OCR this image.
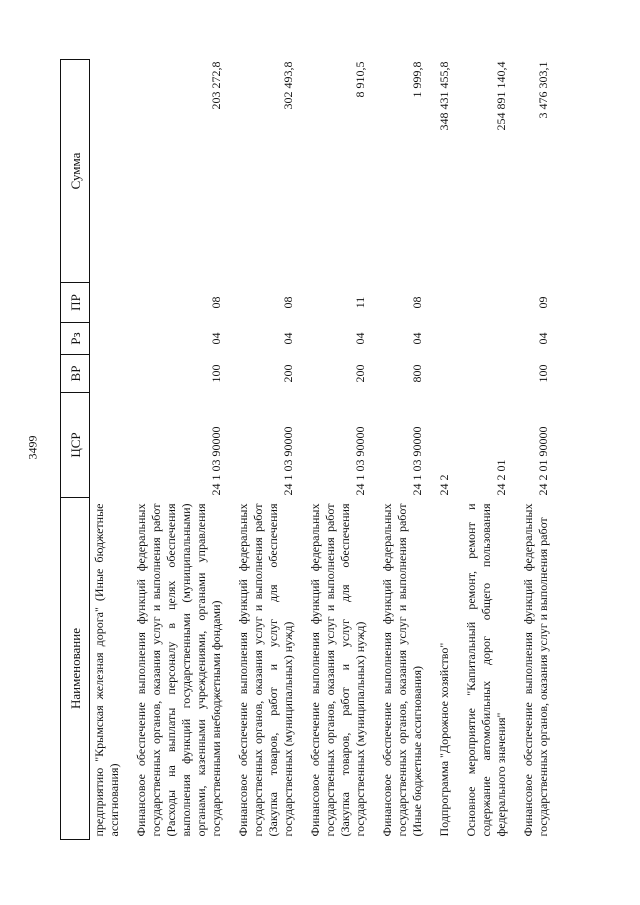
3499
Наименование	ЦСР	ВР	Рз	ПР	Сумма
предприятию "Крымская железная дорога" (Иные бюджетные ассигнования)					
Финансовое обеспечение выполнения функций федеральных государственных органов, оказания услуг и выполнения работ (Расходы на выплаты персоналу в целях обеспечения выполнения функций государственными (муниципальными) органами, казенными учреждениями, органами управления государственными внебюджетными фондами)	24 1 03 90000	100	04	08	203 272,8
Финансовое обеспечение выполнения функций федеральных государственных органов, оказания услуг и выполнения работ (Закупка товаров, работ и услуг для обеспечения государственных (муниципальных) нужд)	24 1 03 90000	200	04	08	302 493,8
Финансовое обеспечение выполнения функций федеральных государственных органов, оказания услуг и выполнения работ (Закупка товаров, работ и услуг для обеспечения государственных (муниципальных) нужд)	24 1 03 90000	200	04	11	8 910,5
Финансовое обеспечение выполнения функций федеральных государственных органов, оказания услуг и выполнения работ (Иные бюджетные ассигнования)	24 1 03 90000	800	04	08	1 999,8
Подпрограмма "Дорожное хозяйство"	24 2				348 431 455,8
Основное мероприятие "Капитальный ремонт, ремонт и содержание автомобильных дорог общего пользования федерального значения"	24 2 01				254 891 140,4
Финансовое обеспечение выполнения функций федеральных государственных органов, оказания услуг и выполнения работ	24 2 01 90000	100	04	09	3 476 303,1
